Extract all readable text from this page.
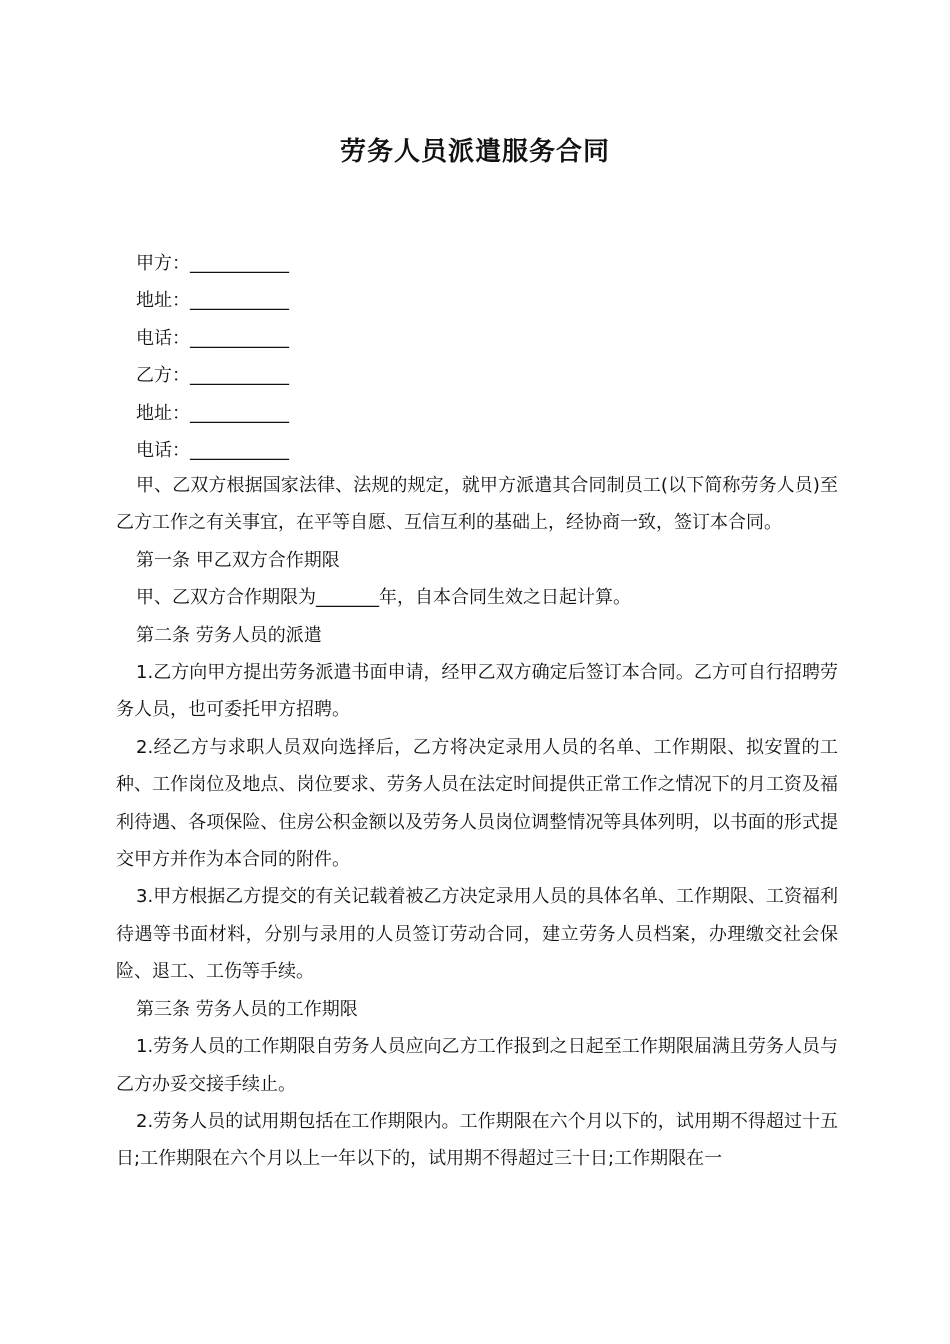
劳务人员派遣服务合同
甲方：___________
地址：___________
电话：___________
乙方：___________
地址：___________
电话：___________

甲、乙双方根据国家法律、法规的规定，就甲方派遣其合同制员工(以下简称劳务人员)至乙方工作之有关事宜，在平等自愿、互信互利的基础上，经协商一致，签订本合同。

第一条 甲乙双方合作期限

甲、乙双方合作期限为_______年，自本合同生效之日起计算。

第二条 劳务人员的派遣

1.乙方向甲方提出劳务派遣书面申请，经甲乙双方确定后签订本合同。乙方可自行招聘劳务人员，也可委托甲方招聘。

2.经乙方与求职人员双向选择后，乙方将决定录用人员的名单、工作期限、拟安置的工种、工作岗位及地点、岗位要求、劳务人员在法定时间提供正常工作之情况下的月工资及福利待遇、各项保险、住房公积金额以及劳务人员岗位调整情况等具体列明，以书面的形式提交甲方并作为本合同的附件。

3.甲方根据乙方提交的有关记载着被乙方决定录用人员的具体名单、工作期限、工资福利待遇等书面材料，分别与录用的人员签订劳动合同，建立劳务人员档案，办理缴交社会保险、退工、工伤等手续。

第三条 劳务人员的工作期限

1.劳务人员的工作期限自劳务人员应向乙方工作报到之日起至工作期限届满且劳务人员与乙方办妥交接手续止。

2.劳务人员的试用期包括在工作期限内。工作期限在六个月以下的，试用期不得超过十五日;工作期限在六个月以上一年以下的，试用期不得超过三十日;工作期限在一
